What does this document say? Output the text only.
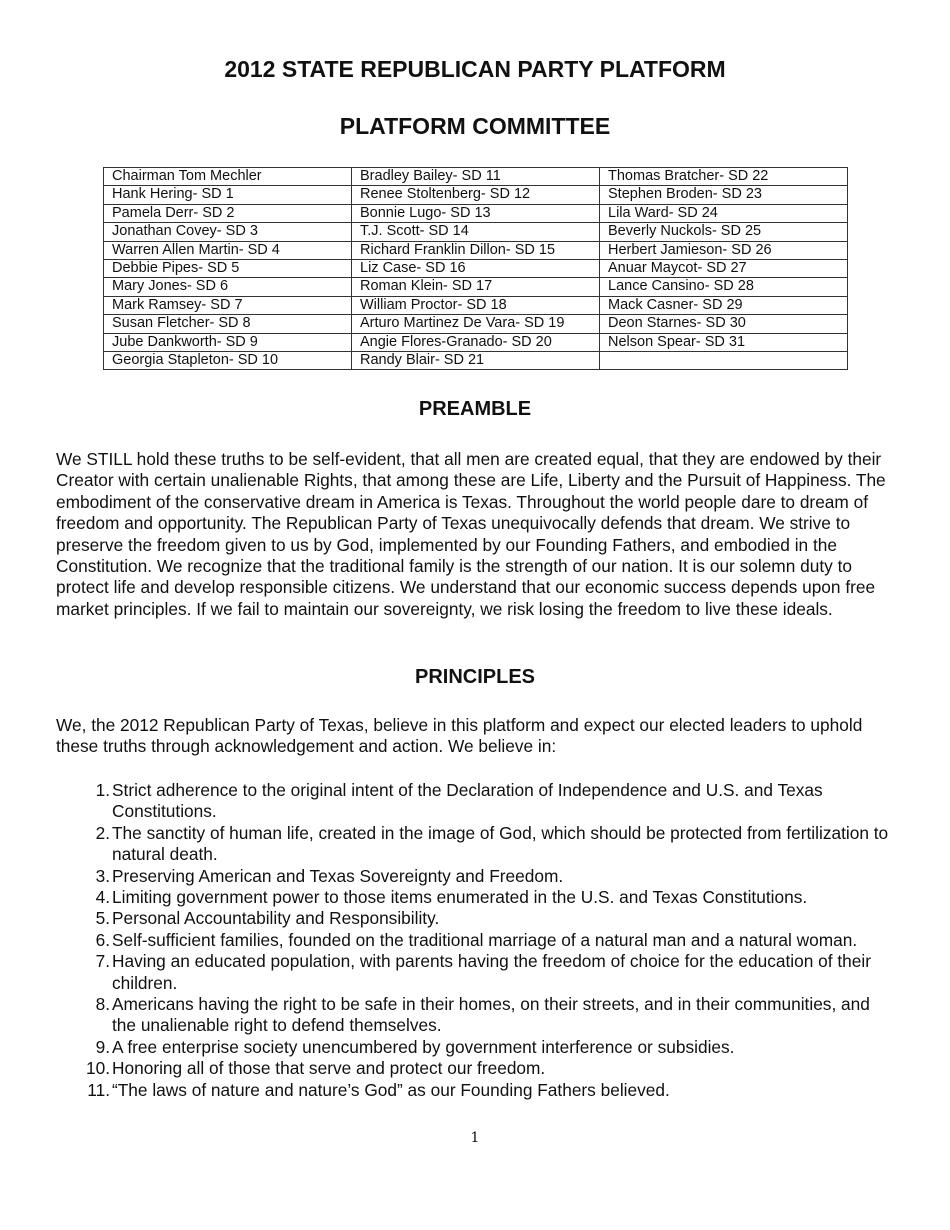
2012 STATE REPUBLICAN PARTY PLATFORM
PLATFORM COMMITTEE
Chairman Tom Mechler	Bradley Bailey- SD 11	Thomas Bratcher- SD 22
Hank Hering- SD 1	Renee Stoltenberg- SD 12	Stephen Broden- SD 23
Pamela Derr- SD 2	Bonnie Lugo- SD 13	Lila Ward- SD 24
Jonathan Covey- SD 3	T.J. Scott- SD 14	Beverly Nuckols- SD 25
Warren Allen Martin- SD 4	Richard Franklin Dillon- SD 15	Herbert Jamieson- SD 26
Debbie Pipes- SD 5	Liz Case- SD 16	Anuar Maycot- SD 27
Mary Jones- SD 6	Roman Klein- SD 17	Lance Cansino- SD 28
Mark Ramsey- SD 7	William Proctor- SD 18	Mack Casner- SD 29
Susan Fletcher- SD 8	Arturo Martinez De Vara- SD 19	Deon Starnes- SD 30
Jube Dankworth- SD 9	Angie Flores-Granado- SD 20	Nelson Spear- SD 31
Georgia Stapleton- SD 10	Randy Blair- SD 21	
PREAMBLE

We STILL hold these truths to be self-evident, that all men are created equal, that they are endowed by their Creator with certain unalienable Rights, that among these are Life, Liberty and the Pursuit of Happiness. The embodiment of the conservative dream in America is Texas. Throughout the world people dare to dream of freedom and opportunity. The Republican Party of Texas unequivocally defends that dream. We strive to preserve the freedom given to us by God, implemented by our Founding Fathers, and embodied in the Constitution. We recognize that the traditional family is the strength of our nation. It is our solemn duty to protect life and develop responsible citizens. We understand that our economic success depends upon free market principles. If we fail to maintain our sovereignty, we risk losing the freedom to live these ideals.

PRINCIPLES

We, the 2012 Republican Party of Texas, believe in this platform and expect our elected leaders to uphold these truths through acknowledgement and action. We believe in:

1. Strict adherence to the original intent of the Declaration of Independence and U.S. and Texas Constitutions.
2. The sanctity of human life, created in the image of God, which should be protected from fertilization to natural death.
3. Preserving American and Texas Sovereignty and Freedom.
4. Limiting government power to those items enumerated in the U.S. and Texas Constitutions.
5. Personal Accountability and Responsibility.
6. Self-sufficient families, founded on the traditional marriage of a natural man and a natural woman.
7. Having an educated population, with parents having the freedom of choice for the education of their children.
8. Americans having the right to be safe in their homes, on their streets, and in their communities, and the unalienable right to defend themselves.
9. A free enterprise society unencumbered by government interference or subsidies.
10. Honoring all of those that serve and protect our freedom.
11. “The laws of nature and nature’s God” as our Founding Fathers believed.
1
